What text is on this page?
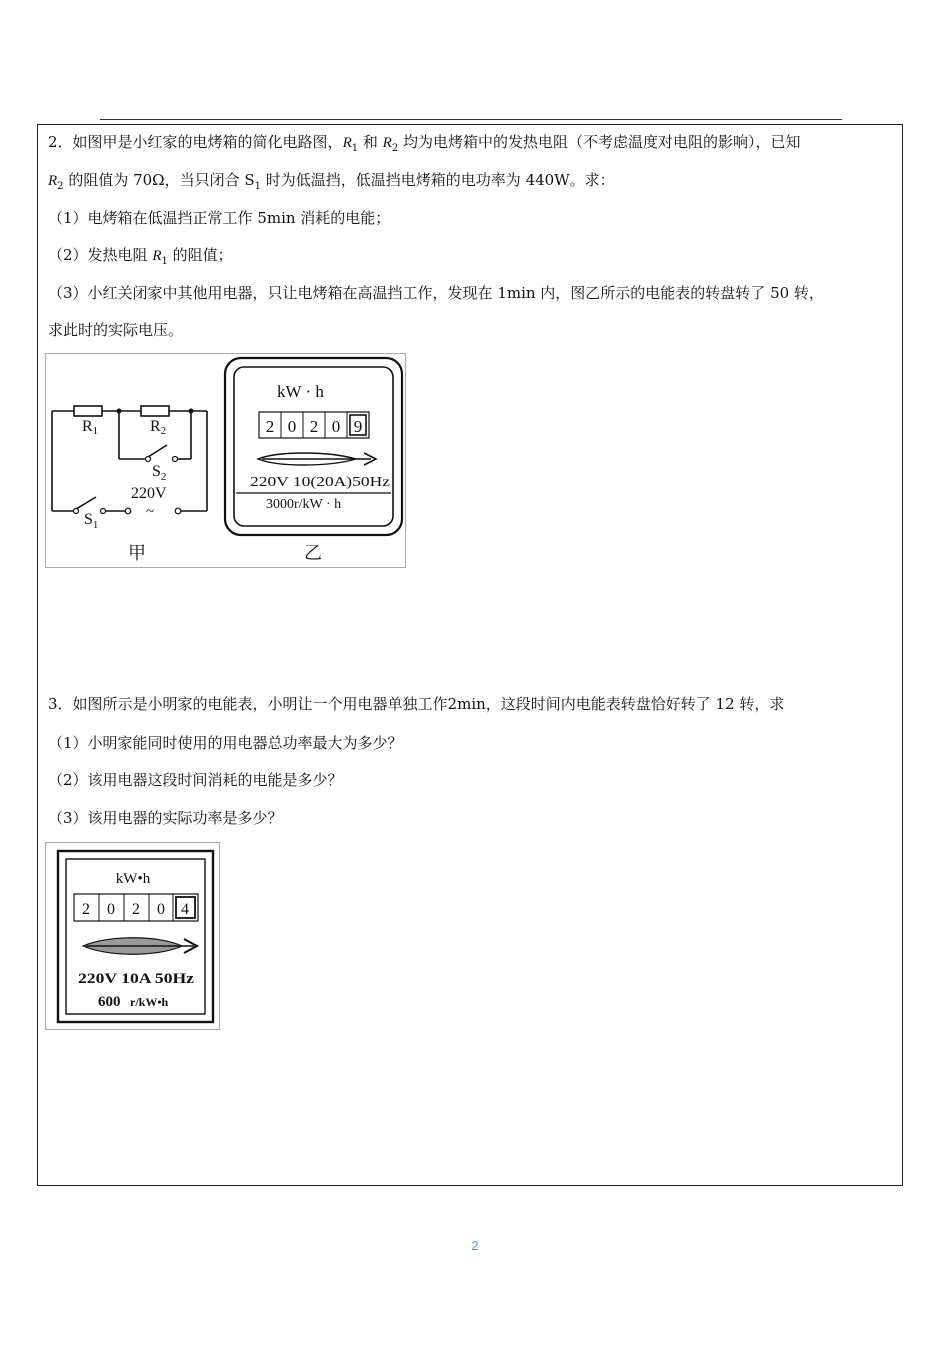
2．如图甲是小红家的电烤箱的简化电路图，$R_1$ 和 $R_2$ 均为电烤箱中的发热电阻（不考虑温度对电阻的影响），已知
$R_2$ 的阻值为 70Ω，当只闭合 $S_1$ 时为低温挡，低温挡电烤箱的电功率为 440W。求：
（1）电烤箱在低温挡正常工作 5min 消耗的电能；
（2）发热电阻 $R_1$ 的阻值；
（3）小红关闭家中其他用电器，只让电烤箱在高温挡工作，发现在 1min 内，图乙所示的电能表的转盘转了 50 转，
求此时的实际电压。
R1	R2
$S_2$
220V
~
$S_1$
甲
kW · h
2 0 2 0 9
220V 10(20A)50Hz
3000r/kW · h
乙
3．如图所示是小明家的电能表，小明让一个用电器单独工作2min，这段时间内电能表转盘恰好转了 12 转，求
（1）小明家能同时使用的用电器总功率最大为多少？
（2）该用电器这段时间消耗的电能是多少？
（3）该用电器的实际功率是多少？
kW•h
2 0 2 0 4
220V 10A 50Hz
600 r/kW•h
2
